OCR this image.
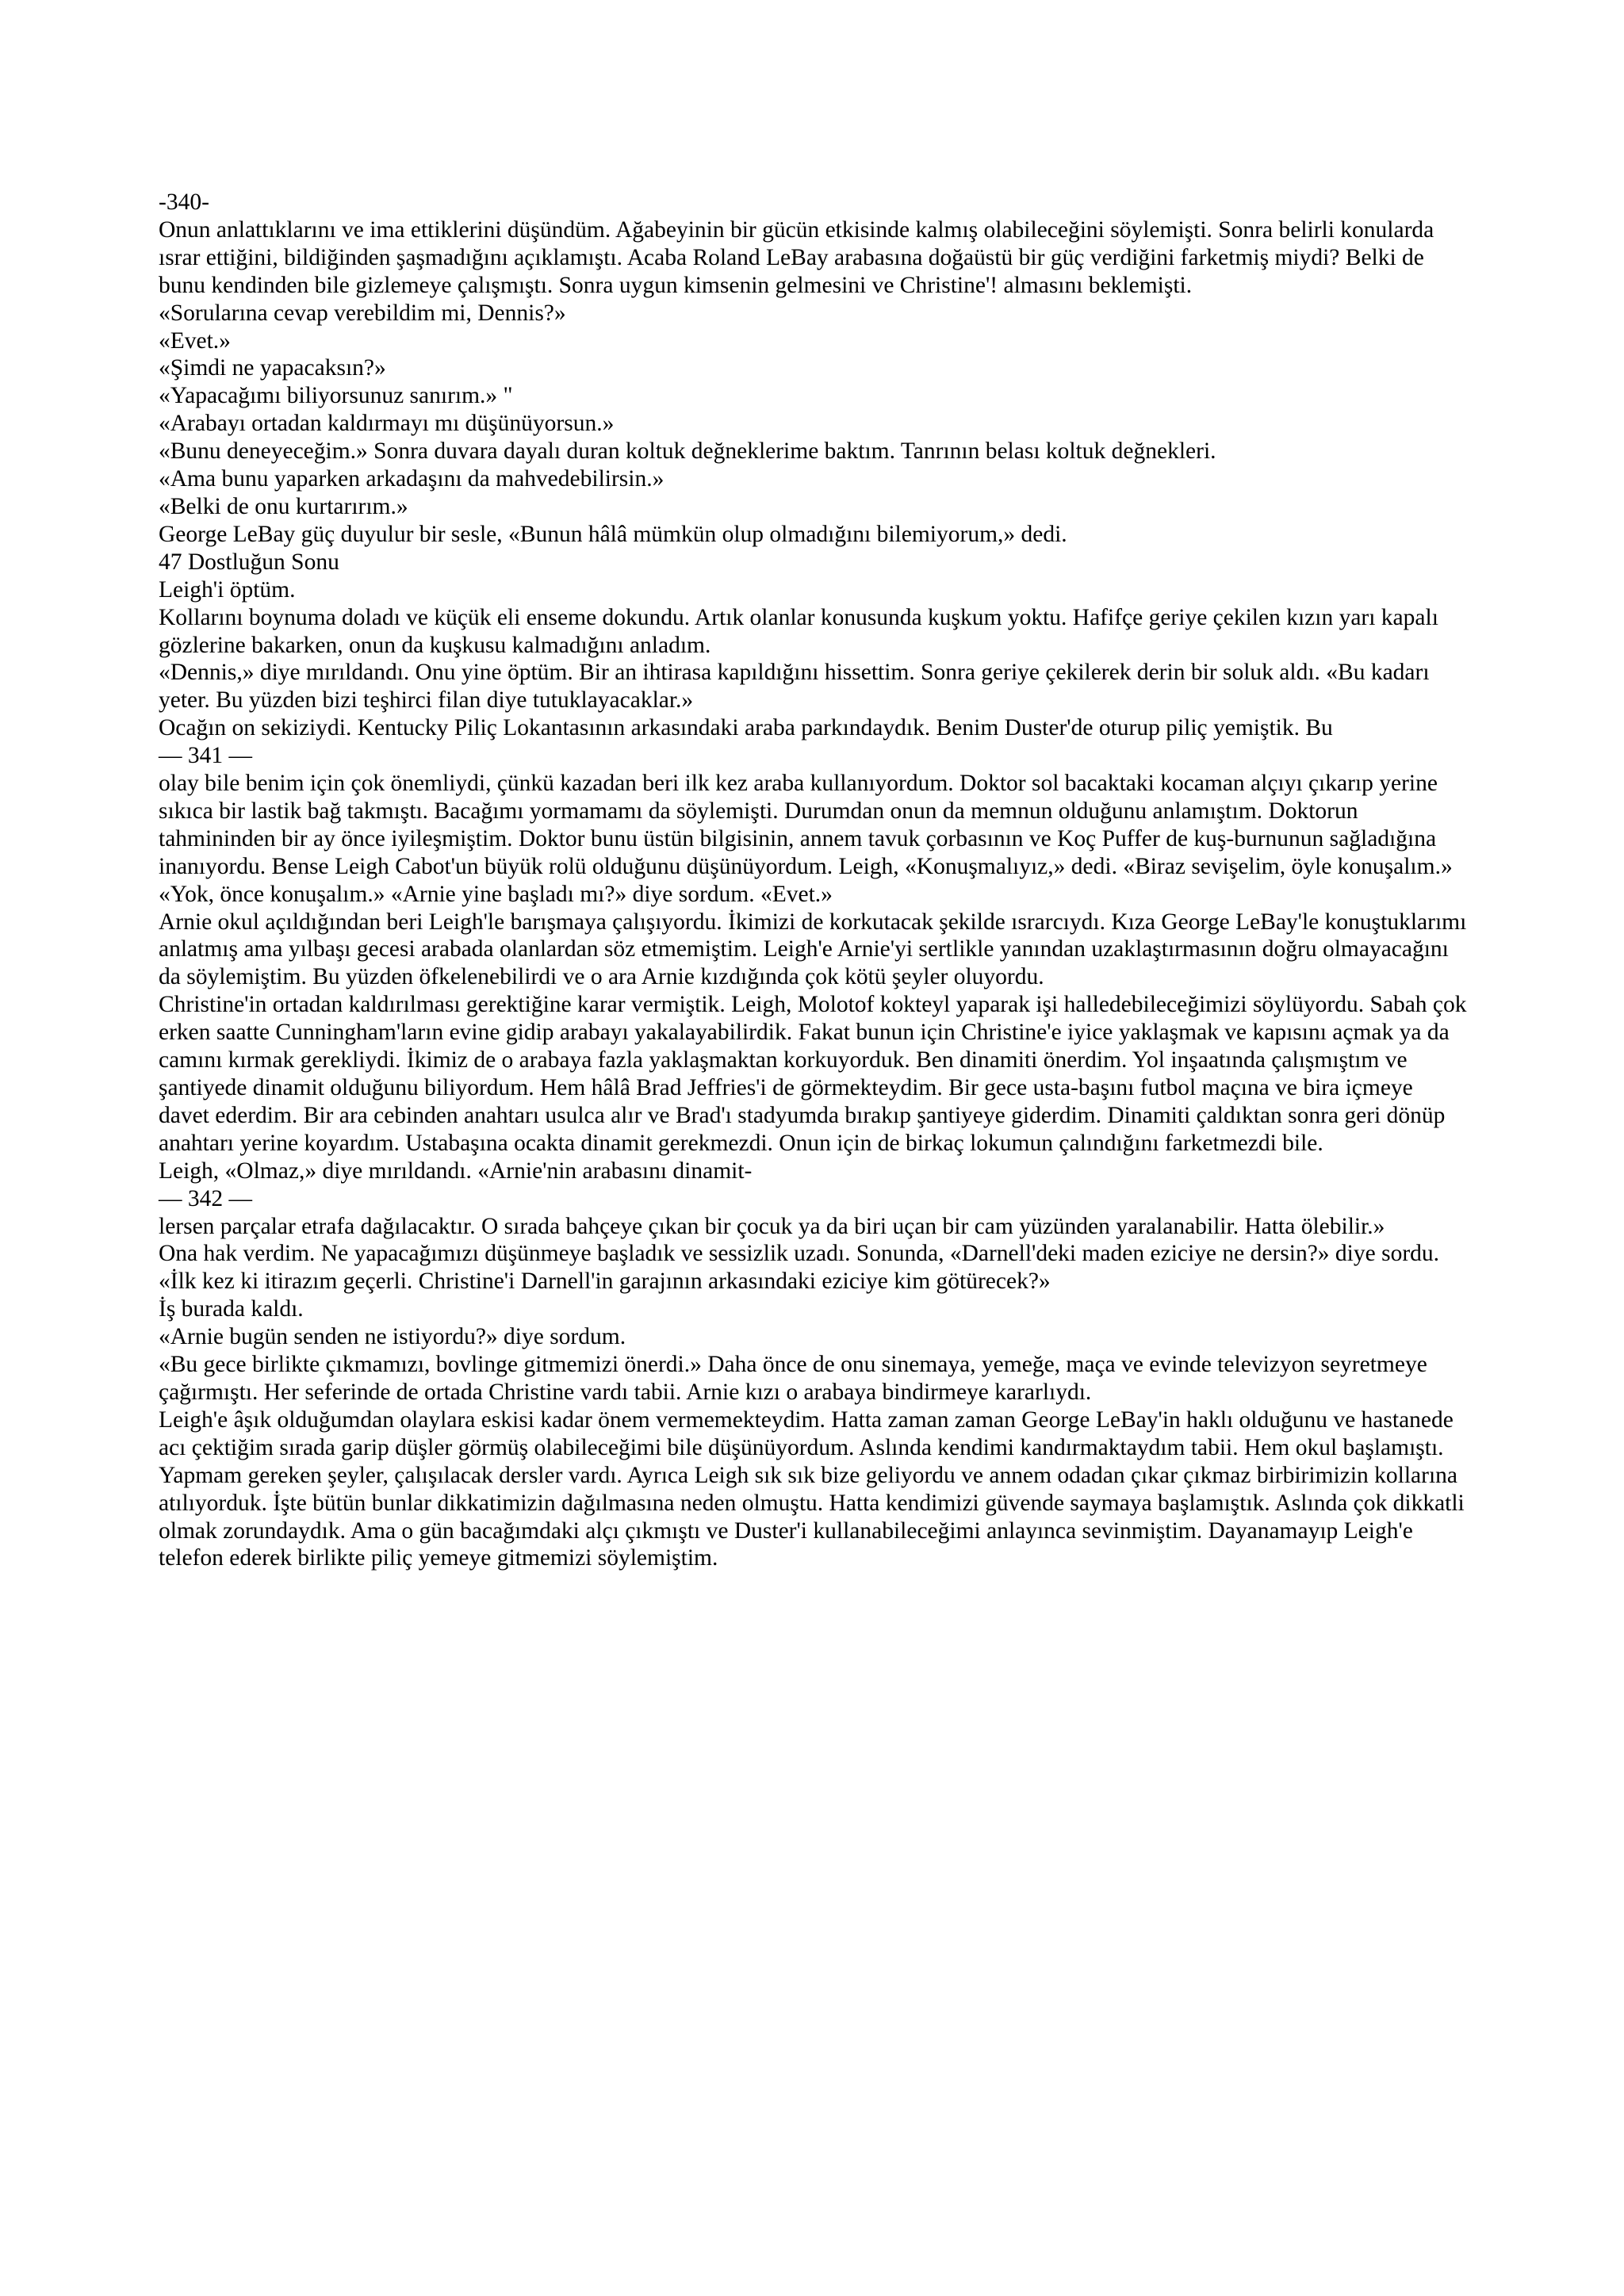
-340-

Onun anlattıklarını ve ima ettiklerini düşündüm. Ağabeyinin bir gücün etkisinde kalmış olabileceğini söylemişti. Sonra belirli konularda ısrar ettiğini, bildiğinden şaşmadığını açıklamıştı. Acaba Roland LeBay arabasına doğaüstü bir güç verdiğini farketmiş miydi? Belki de bunu kendinden bile gizlemeye çalışmıştı. Sonra uygun kimsenin gelmesini ve Christine'! almasını beklemişti.

«Sorularına cevap verebildim mi, Dennis?»

«Evet.»

«Şimdi ne yapacaksın?»

«Yapacağımı biliyorsunuz sanırım.» "

«Arabayı ortadan kaldırmayı mı düşünüyorsun.»

«Bunu deneyeceğim.» Sonra duvara dayalı duran koltuk değneklerime baktım. Tanrının belası koltuk değnekleri.

«Ama bunu yaparken arkadaşını da mahvedebilirsin.»

«Belki de onu kurtarırım.»

George LeBay güç duyulur bir sesle, «Bunun hâlâ mümkün olup olmadığını bilemiyorum,» dedi.

47 Dostluğun Sonu

Leigh'i öptüm.

Kollarını boynuma doladı ve küçük eli enseme dokundu. Artık olanlar konusunda kuşkum yoktu. Hafifçe geriye çekilen kızın yarı kapalı gözlerine bakarken, onun da kuşkusu kalmadığını anladım.

«Dennis,» diye mırıldandı. Onu yine öptüm. Bir an ihtirasa kapıldığını hissettim. Sonra geriye çekilerek derin bir soluk aldı. «Bu kadarı yeter. Bu yüzden bizi teşhirci filan diye tutuklayacaklar.»

Ocağın on sekiziydi. Kentucky Piliç Lokantasının arkasındaki araba parkındaydık. Benim Duster'de oturup piliç yemiştik. Bu

— 341 —

olay bile benim için çok önemliydi, çünkü kazadan beri ilk kez araba kullanıyordum. Doktor sol bacaktaki kocaman alçıyı çıkarıp yerine sıkıca bir lastik bağ takmıştı. Bacağımı yormamamı da söylemişti. Durumdan onun da memnun olduğunu anlamıştım. Doktorun tahmininden bir ay önce iyileşmiştim. Doktor bunu üstün bilgisinin, annem tavuk çorbasının ve Koç Puffer de kuş-burnunun sağladığına inanıyordu. Bense Leigh Cabot'un büyük rolü olduğunu düşünüyordum. Leigh, «Konuşmalıyız,» dedi. «Biraz sevişelim, öyle konuşalım.» «Yok, önce konuşalım.» «Arnie yine başladı mı?» diye sordum. «Evet.»

Arnie okul açıldığından beri Leigh'le barışmaya çalışıyordu. İkimizi de korkutacak şekilde ısrarcıydı. Kıza George LeBay'le konuştuklarımı anlatmış ama yılbaşı gecesi arabada olanlardan söz etmemiştim. Leigh'e Arnie'yi sertlikle yanından uzaklaştırmasının doğru olmayacağını da söylemiştim. Bu yüzden öfkelenebilirdi ve o ara Arnie kızdığında çok kötü şeyler oluyordu.

Christine'in ortadan kaldırılması gerektiğine karar vermiştik. Leigh, Molotof kokteyl yaparak işi halledebileceğimizi söylüyordu. Sabah çok erken saatte Cunningham'ların evine gidip arabayı yakalayabilirdik. Fakat bunun için Christine'e iyice yaklaşmak ve kapısını açmak ya da camını kırmak gerekliydi. İkimiz de o arabaya fazla yaklaşmaktan korkuyorduk. Ben dinamiti önerdim. Yol inşaatında çalışmıştım ve şantiyede dinamit olduğunu biliyordum. Hem hâlâ Brad Jeffries'i de görmekteydim. Bir gece usta-başını futbol maçına ve bira içmeye davet ederdim. Bir ara cebinden anahtarı usulca alır ve Brad'ı stadyumda bırakıp şantiyeye giderdim. Dinamiti çaldıktan sonra geri dönüp anahtarı yerine koyardım. Ustabaşına ocakta dinamit gerekmezdi. Onun için de birkaç lokumun çalındığını farketmezdi bile.

Leigh, «Olmaz,» diye mırıldandı. «Arnie'nin arabasını dinamit-

— 342 —

lersen parçalar etrafa dağılacaktır. O sırada bahçeye çıkan bir çocuk ya da biri uçan bir cam yüzünden yaralanabilir. Hatta ölebilir.»

Ona hak verdim. Ne yapacağımızı düşünmeye başladık ve sessizlik uzadı. Sonunda, «Darnell'deki maden eziciye ne dersin?» diye sordu.

«İlk kez ki itirazım geçerli. Christine'i Darnell'in garajının arkasındaki eziciye kim götürecek?»

İş burada kaldı.

«Arnie bugün senden ne istiyordu?» diye sordum.

«Bu gece birlikte çıkmamızı, bovlinge gitmemizi önerdi.» Daha önce de onu sinemaya, yemeğe, maça ve evinde televizyon seyretmeye çağırmıştı. Her seferinde de ortada Christine vardı tabii. Arnie kızı o arabaya bindirmeye kararlıydı.

Leigh'e âşık olduğumdan olaylara eskisi kadar önem vermemekteydim. Hatta zaman zaman George LeBay'in haklı olduğunu ve hastanede acı çektiğim sırada garip düşler görmüş olabileceğimi bile düşünüyordum. Aslında kendimi kandırmaktaydım tabii. Hem okul başlamıştı. Yapmam gereken şeyler, çalışılacak dersler vardı. Ayrıca Leigh sık sık bize geliyordu ve annem odadan çıkar çıkmaz birbirimizin kollarına atılıyorduk. İşte bütün bunlar dikkatimizin dağılmasına neden olmuştu. Hatta kendimizi güvende saymaya başlamıştık. Aslında çok dikkatli olmak zorundaydık. Ama o gün bacağımdaki alçı çıkmıştı ve Duster'i kullanabileceğimi anlayınca sevinmiştim. Dayanamayıp Leigh'e telefon ederek birlikte piliç yemeye gitmemizi söylemiştim.
